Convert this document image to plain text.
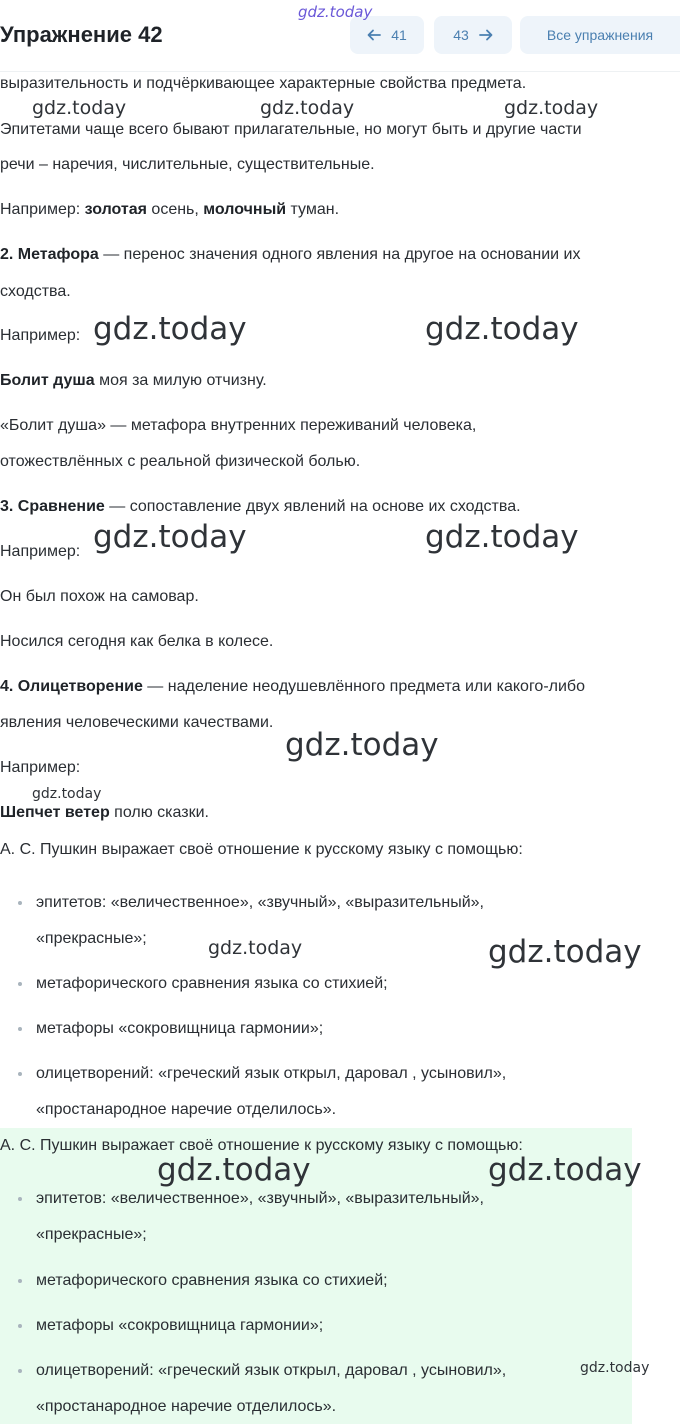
Упражнение 42	41	43	Все упражнения
выразительность и подчёркивающее характерные свойства предмета.
Эпитетами чаще всего бывают прилагательные, но могут быть и другие части
речи – наречия, числительные, существительные.
Например: золотая осень, молочный туман.
2. Метафора — перенос значения одного явления на другое на основании их
сходства.
Например:
Болит душа моя за милую отчизну.
«Болит душа» — метафора внутренних переживаний человека,
отожествлённых с реальной физической болью.
3. Сравнение — сопоставление двух явлений на основе их сходства.
Например:
Он был похож на самовар.
Носился сегодня как белка в колесе.
4. Олицетворение — наделение неодушевлённого предмета или какого-либо
явления человеческими качествами.
Например:
Шепчет ветер полю сказки.
А. С. Пушкин выражает своё отношение к русскому языку с помощью:
эпитетов: «величественное», «звучный», «выразительный»,
«прекрасные»;
метафорического сравнения языка со стихией;
метафоры «сокровищница гармонии»;
олицетворений: «греческий язык открыл, даровал , усыновил»,
«простанародное наречие отделилось».
А. С. Пушкин выражает своё отношение к русскому языку с помощью:
эпитетов: «величественное», «звучный», «выразительный»,
«прекрасные»;
метафорического сравнения языка со стихией;
метафоры «сокровищница гармонии»;
олицетворений: «греческий язык открыл, даровал , усыновил»,
«простанародное наречие отделилось».
gdz.today
gdz.today	gdz.today	gdz.today
gdz.today	gdz.today
gdz.today	gdz.today
gdz.today
gdz.today
gdz.today	gdz.today
gdz.today	gdz.today
gdz.today
